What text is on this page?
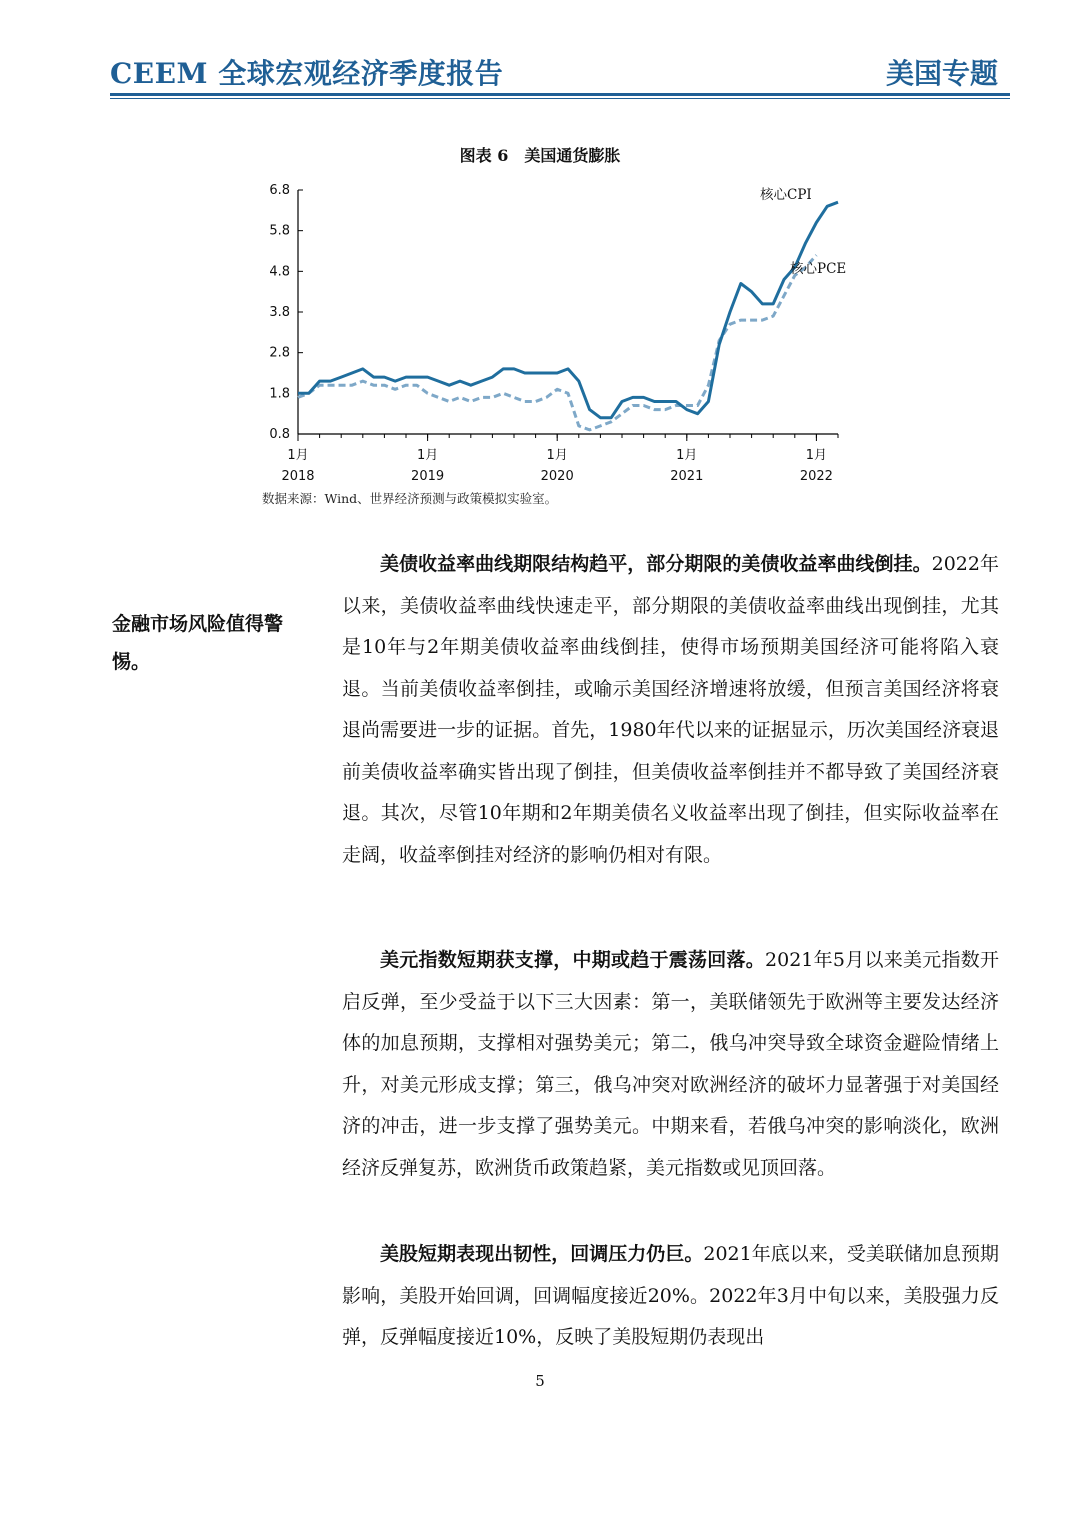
CEEM 全球宏观经济季度报告	美国专题
图表 6　美国通货膨胀
0.8
1.8
2.8
3.8
4.8
5.8
6.8
1月
2018
1月
2019
1月
2020
1月
2021
1月
2022
核心CPI
核心PCE
数据来源：Wind、世界经济预测与政策模拟实验室。
金融市场风险值得警惕。

美债收益率曲线期限结构趋平，部分期限的美债收益率曲线倒挂。2022年以来，美债收益率曲线快速走平，部分期限的美债收益率曲线出现倒挂，尤其是10年与2年期美债收益率曲线倒挂，使得市场预期美国经济可能将陷入衰退。当前美债收益率倒挂，或喻示美国经济增速将放缓，但预言美国经济将衰退尚需要进一步的证据。首先，1980年代以来的证据显示，历次美国经济衰退前美债收益率确实皆出现了倒挂，但美债收益率倒挂并不都导致了美国经济衰退。其次，尽管10年期和2年期美债名义收益率出现了倒挂，但实际收益率在走阔，收益率倒挂对经济的影响仍相对有限。

美元指数短期获支撑，中期或趋于震荡回落。2021年5月以来美元指数开启反弹，至少受益于以下三大因素：第一，美联储领先于欧洲等主要发达经济体的加息预期，支撑相对强势美元；第二，俄乌冲突导致全球资金避险情绪上升，对美元形成支撑；第三，俄乌冲突对欧洲经济的破坏力显著强于对美国经济的冲击，进一步支撑了强势美元。中期来看，若俄乌冲突的影响淡化，欧洲经济反弹复苏，欧洲货币政策趋紧，美元指数或见顶回落。

美股短期表现出韧性，回调压力仍巨。2021年底以来，受美联储加息预期影响，美股开始回调，回调幅度接近20%。2022年3月中旬以来，美股强力反弹，反弹幅度接近10%，反映了美股短期仍表现出

5
